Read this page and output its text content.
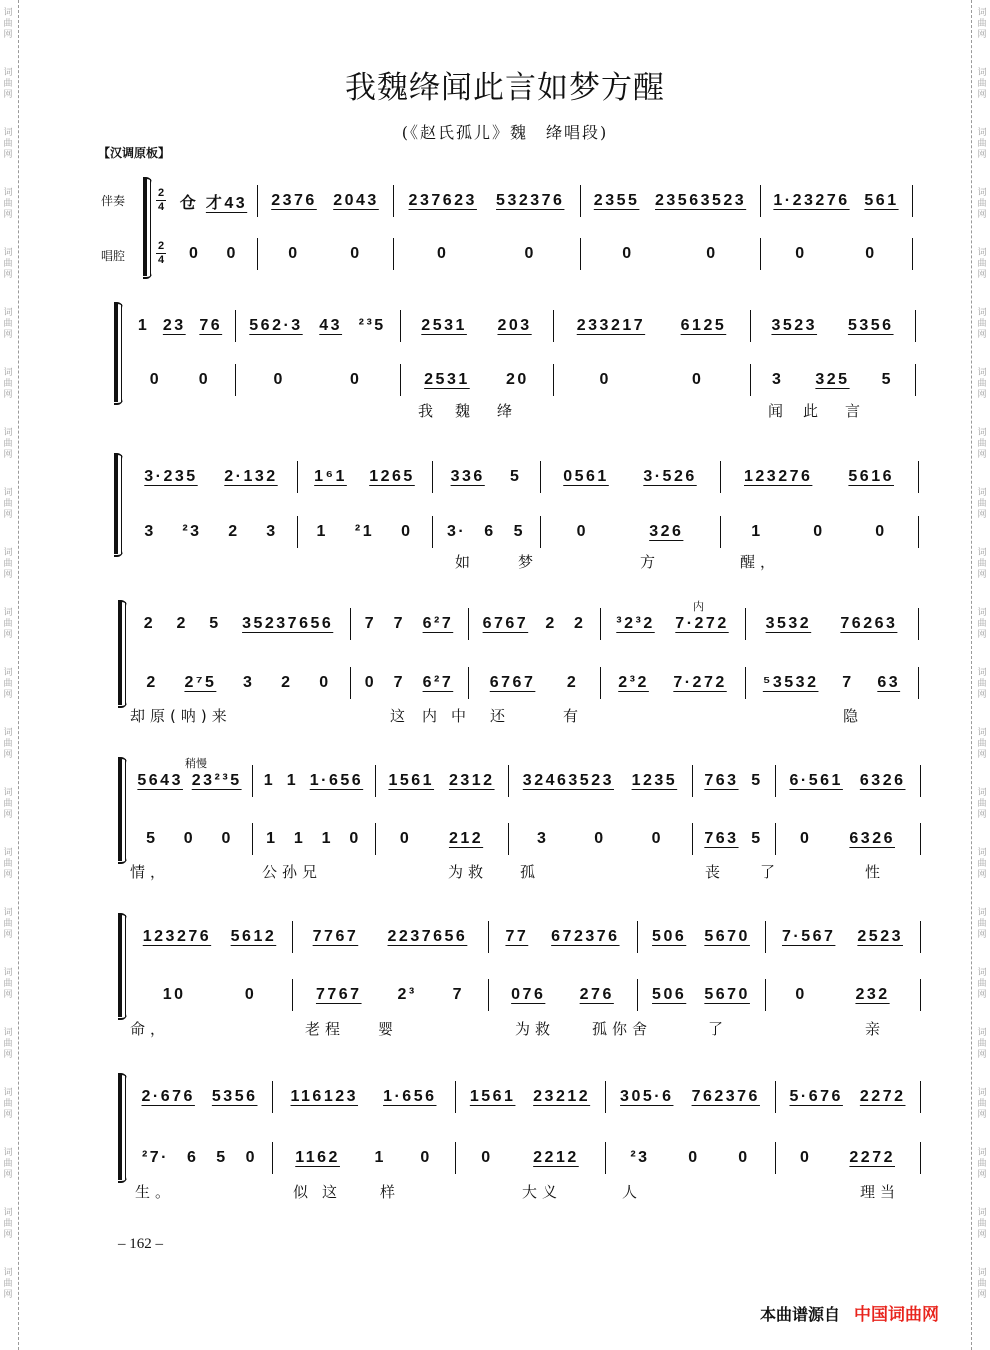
我魏绛闻此言如梦方醒
(《赵氏孤儿》魏　绛唱段)
【汉调原板】
伴奏
唱腔
– 162 –
本曲谱源自 中国词曲网
词曲网
词曲网
词曲网
词曲网
词曲网
词曲网
词曲网
词曲网
词曲网
词曲网
词曲网
词曲网
词曲网
词曲网
词曲网
词曲网
词曲网
词曲网
词曲网
词曲网
词曲网
词曲网
词曲网
词曲网
词曲网
词曲网
词曲网
词曲网
词曲网
词曲网
词曲网
词曲网
词曲网
词曲网
词曲网
词曲网
词曲网
词曲网
词曲网
词曲网
词曲网
词曲网
词曲网
词曲网
2
4
2
4
仓 才43 2376 2043 237623 532376 2355 23563523 1·23276 561
0 0	0	0	0	0	0	0	0	0
1 23 76 562·3 43 ²³5 2531 203	233217 6125	3523 5356
0 0	0	0	2531 20	0	0	3 325 5
我 魏 绛	闻 此 言
3·235 2·132 1⁶1 1265 336 5	0561 3·526	123276 5616
3 ²3 2 3 1 ²1 0 3· 6 5	0	326	1	0	0
如	梦	方	醒，
2 2 5 35237656 7 7 6²7 6767 2 2 ³2³2 7·272 3532 76263
2 2⁷5 3 2 0 0 7 6²7 6767 2 2³2 7·272 ⁵3532 7 63
却原(呐)来	这 内 中 还	有	隐
内
5643 23²³5 1 1 1·656 1561 2312 32463523 1235 763 5 6·561 6326
5 0 0 1 1 1 0 0 212	3	0	0	763 5 0 6326
情，	公孙兄	为救 孤	丧 了	性
稍慢
123276 5612 7767 2237656 77 672376 506 5670 7·567 2523
10	0	7767 2³ 7	076 276 506 5670	0	232
命，	老程 婴	为救 孤你舍	了	亲
2·676 5356 116123 1·656 1561 23212 305·6 762376 5·676 2272
²7· 6 5 0 1162 1 0	0	2212	²3 0 0	0 2272
生。	似 这	样	大义	人	理当
